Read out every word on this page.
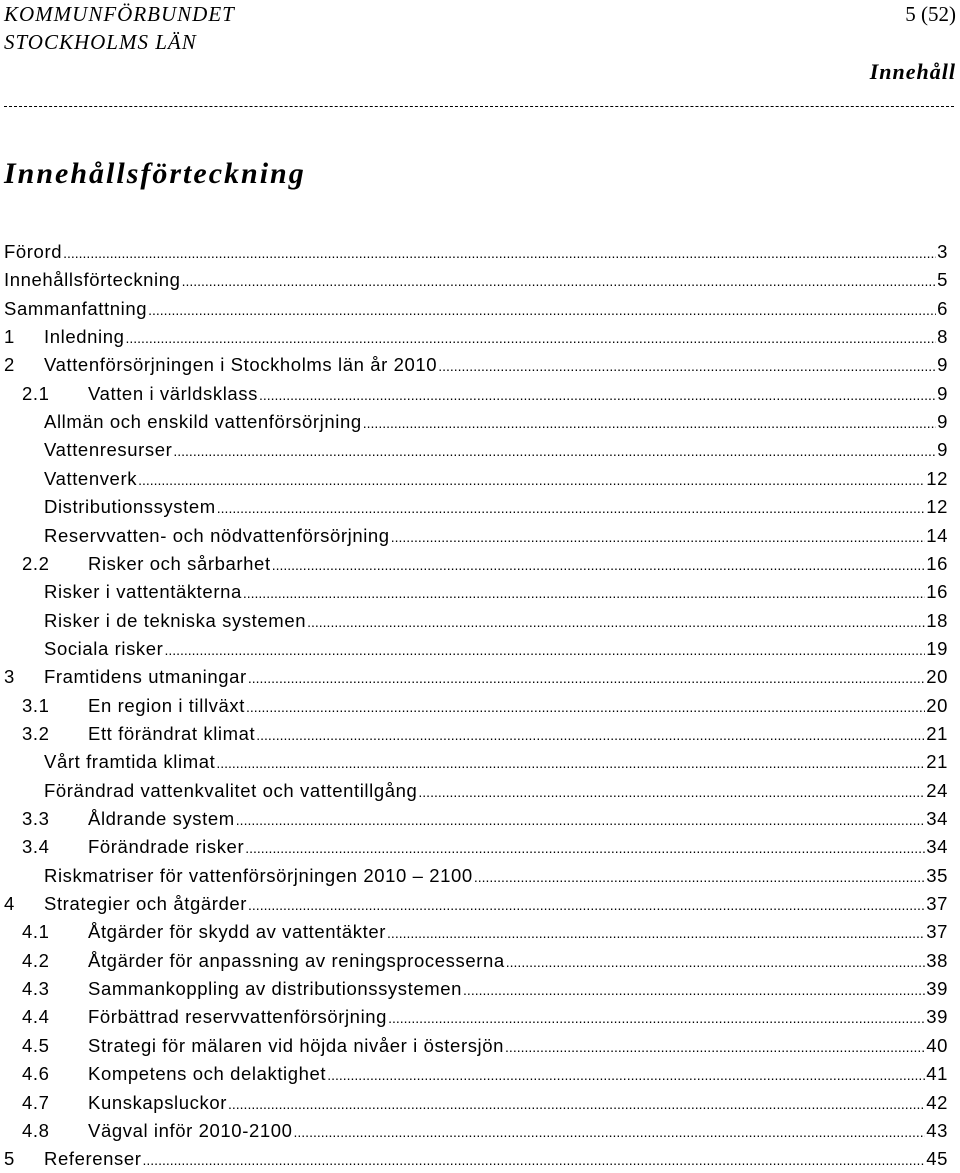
KOMMUNFÖRBUNDET
STOCKHOLMS LÄN
5 (52)
Innehåll
Innehållsförteckning
Förord .....	3
Innehållsförteckning .....	5
Sammanfattning .....	6
1	Inledning .....	8
2	Vattenförsörjningen i Stockholms län år 2010 .....	9
2.1	Vatten i världsklass .....	9
Allmän och enskild vattenförsörjning .....	9
Vattenresurser .....	9
Vattenverk .....	12
Distributionssystem .....	12
Reservvatten- och nödvattenförsörjning .....	14
2.2	Risker och sårbarhet .....	16
Risker i vattentäkterna .....	16
Risker i de tekniska systemen .....	18
Sociala risker .....	19
3	Framtidens utmaningar .....	20
3.1	En region i tillväxt .....	20
3.2	Ett förändrat klimat .....	21
Vårt framtida klimat .....	21
Förändrad vattenkvalitet och vattentillgång .....	24
3.3	Åldrande system .....	34
3.4	Förändrade risker .....	34
Riskmatriser för vattenförsörjningen 2010 – 2100 .....	35
4	Strategier och åtgärder .....	37
4.1	Åtgärder för skydd av vattentäkter .....	37
4.2	Åtgärder för anpassning av reningsprocesserna .....	38
4.3	Sammankoppling av distributionssystemen .....	39
4.4	Förbättrad reservvattenförsörjning .....	39
4.5	Strategi för mälaren vid höjda nivåer i östersjön .....	40
4.6	Kompetens och delaktighet .....	41
4.7	Kunskapsluckor .....	42
4.8	Vägval inför 2010-2100 .....	43
5	Referenser .....	45
